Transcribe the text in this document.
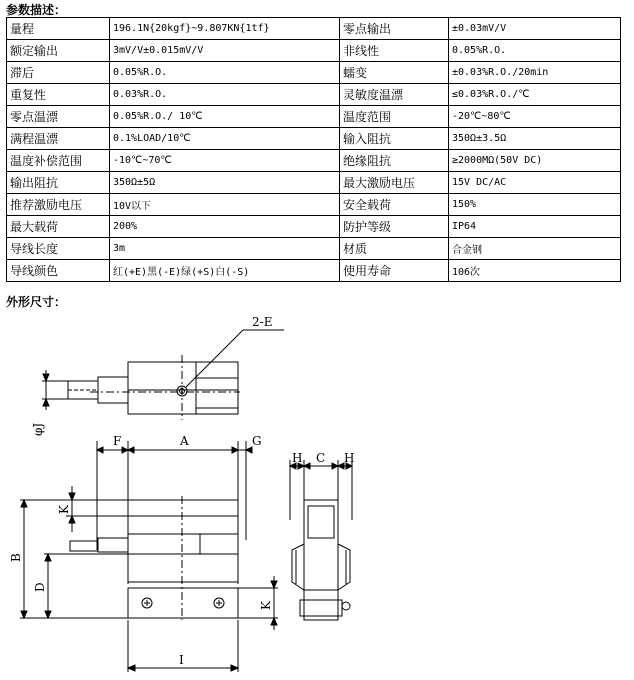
参数描述：
量程	196.1N{20kgf}~9.807KN{1tf}	零点输出	±0.03mV/V
额定输出	3mV/V±0.015mV/V	非线性	0.05%R.O.
滞后	0.05%R.O.	蠕变	±0.03%R.O./20min
重复性	0.03%R.O.	灵敏度温漂	≤0.03%R.O./℃
零点温漂	0.05%R.O./ 10℃	温度范围	-20℃~80℃
满程温漂	0.1%LOAD/10℃	输入阻抗	350Ω±3.5Ω
温度补偿范围	-10℃~70℃	绝缘阻抗	≥2000MΩ(50V DC)
输出阻抗	350Ω±5Ω	最大激励电压	15V DC/AC
推荐激励电压	10V以下	安全载荷	150%
最大载荷	200%	防护等级	IP64
导线长度	3m	材质	合金钢
导线颜色	红(+E)黑(-E)绿(+S)白(-S)	使用寿命	106次
外形尺寸：
2-E
φJ
F	A	G
B
D
K
K
I
H C H
